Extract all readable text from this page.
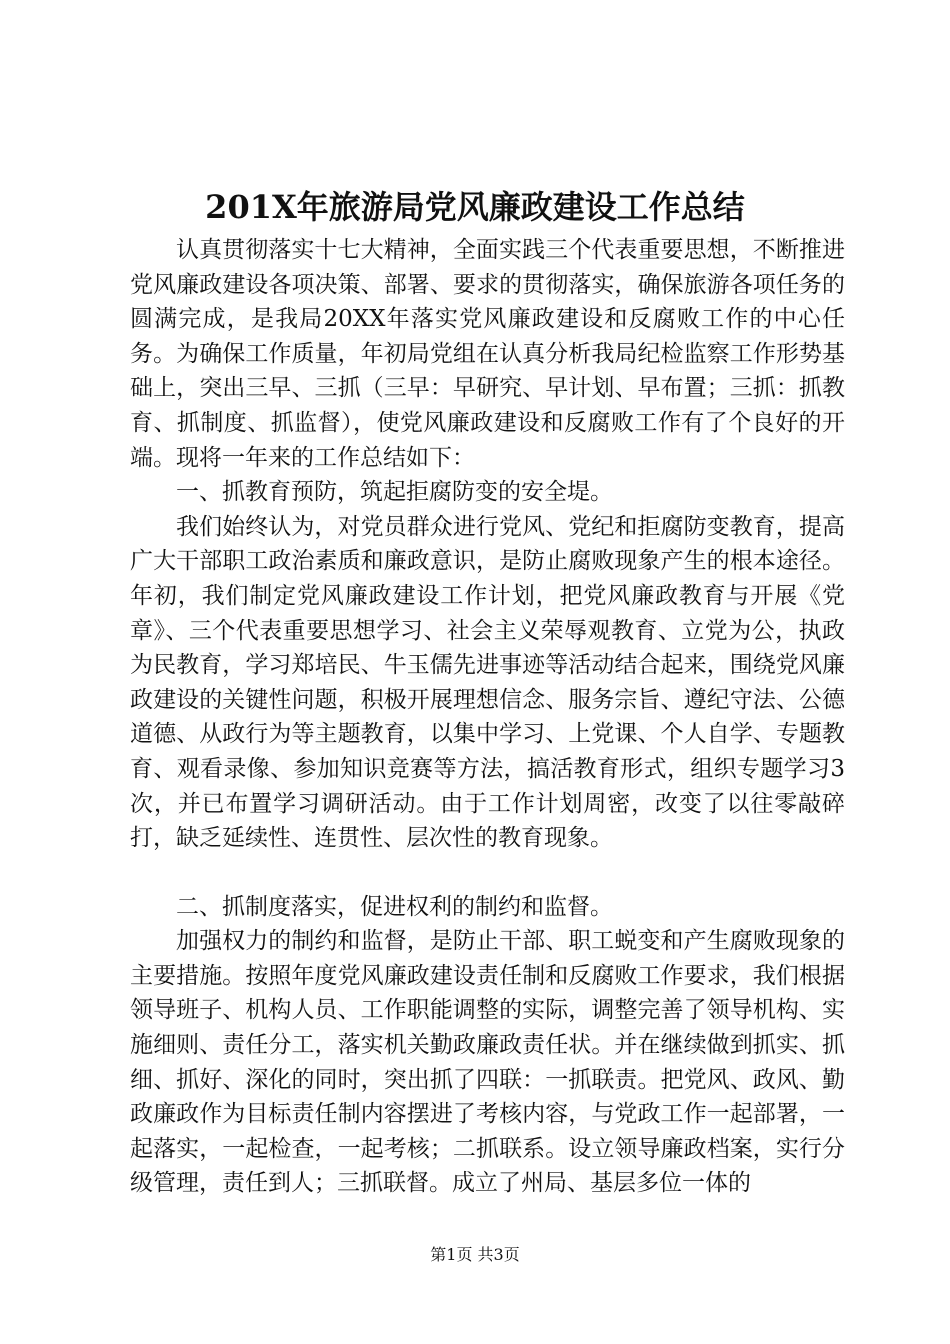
201X年旅游局党风廉政建设工作总结

认真贯彻落实十七大精神，全面实践三个代表重要思想，不断推进党风廉政建设各项决策、部署、要求的贯彻落实，确保旅游各项任务的圆满完成，是我局20XX年落实党风廉政建设和反腐败工作的中心任务。为确保工作质量，年初局党组在认真分析我局纪检监察工作形势基础上，突出三早、三抓（三早：早研究、早计划、早布置；三抓：抓教育、抓制度、抓监督），使党风廉政建设和反腐败工作有了个良好的开端。现将一年来的工作总结如下：

一、抓教育预防，筑起拒腐防变的安全堤。

我们始终认为，对党员群众进行党风、党纪和拒腐防变教育，提高广大干部职工政治素质和廉政意识，是防止腐败现象产生的根本途径。年初，我们制定党风廉政建设工作计划，把党风廉政教育与开展《党章》、三个代表重要思想学习、社会主义荣辱观教育、立党为公，执政为民教育，学习郑培民、牛玉儒先进事迹等活动结合起来，围绕党风廉政建设的关键性问题，积极开展理想信念、服务宗旨、遵纪守法、公德道德、从政行为等主题教育，以集中学习、上党课、个人自学、专题教育、观看录像、参加知识竞赛等方法，搞活教育形式，组织专题学习3次，并已布置学习调研活动。由于工作计划周密，改变了以往零敲碎打，缺乏延续性、连贯性、层次性的教育现象。

二、抓制度落实，促进权利的制约和监督。

加强权力的制约和监督，是防止干部、职工蜕变和产生腐败现象的主要措施。按照年度党风廉政建设责任制和反腐败工作要求，我们根据领导班子、机构人员、工作职能调整的实际，调整完善了领导机构、实施细则、责任分工，落实机关勤政廉政责任状。并在继续做到抓实、抓细、抓好、深化的同时，突出抓了四联：一抓联责。把党风、政风、勤政廉政作为目标责任制内容摆进了考核内容，与党政工作一起部署，一起落实，一起检查，一起考核；二抓联系。设立领导廉政档案，实行分级管理，责任到人；三抓联督。成立了州局、基层多位一体的

第1页 共3页
